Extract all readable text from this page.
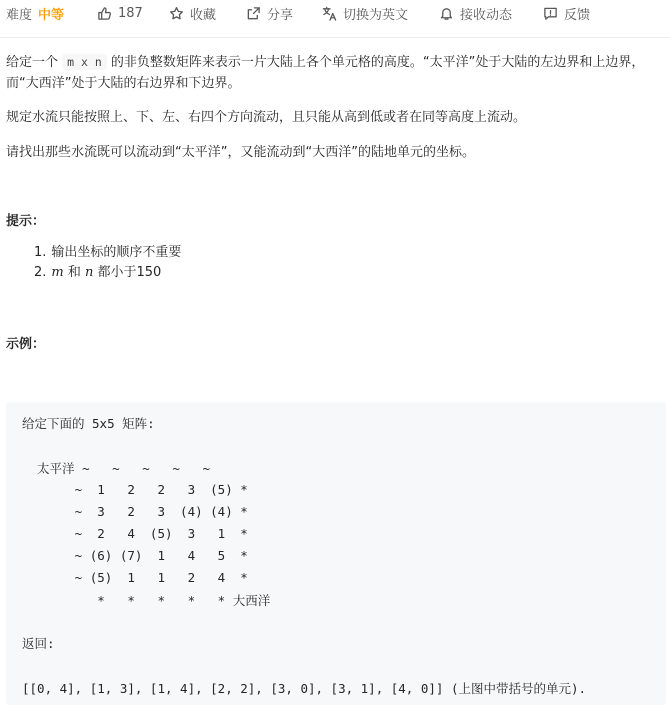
难度 中等	187	收藏	分享	切换为英文	接收动态	反馈

给定一个 m x n 的非负整数矩阵来表示一片大陆上各个单元格的高度。“太平洋”处于大陆的左边界和上边界，而“大西洋”处于大陆的右边界和下边界。

规定水流只能按照上、下、左、右四个方向流动，且只能从高到低或者在同等高度上流动。

请找出那些水流既可以流动到“太平洋”，又能流动到“大西洋”的陆地单元的坐标。

提示：
1. 输出坐标的顺序不重要
2. m 和 n 都小于150
示例：
给定下面的 5x5 矩阵:
太平洋 ~   ~   ~   ~   ~
~  1   2   2   3  (5) *
~  3   2   3  (4) (4) *
~  2   4  (5)  3   1  *
~ (6) (7)  1   4   5  *
~ (5)  1   1   2   4  *
*   *   *   *   * 大西洋
返回:
[[0, 4], [1, 3], [1, 4], [2, 2], [3, 0], [3, 1], [4, 0]] (上图中带括号的单元).
